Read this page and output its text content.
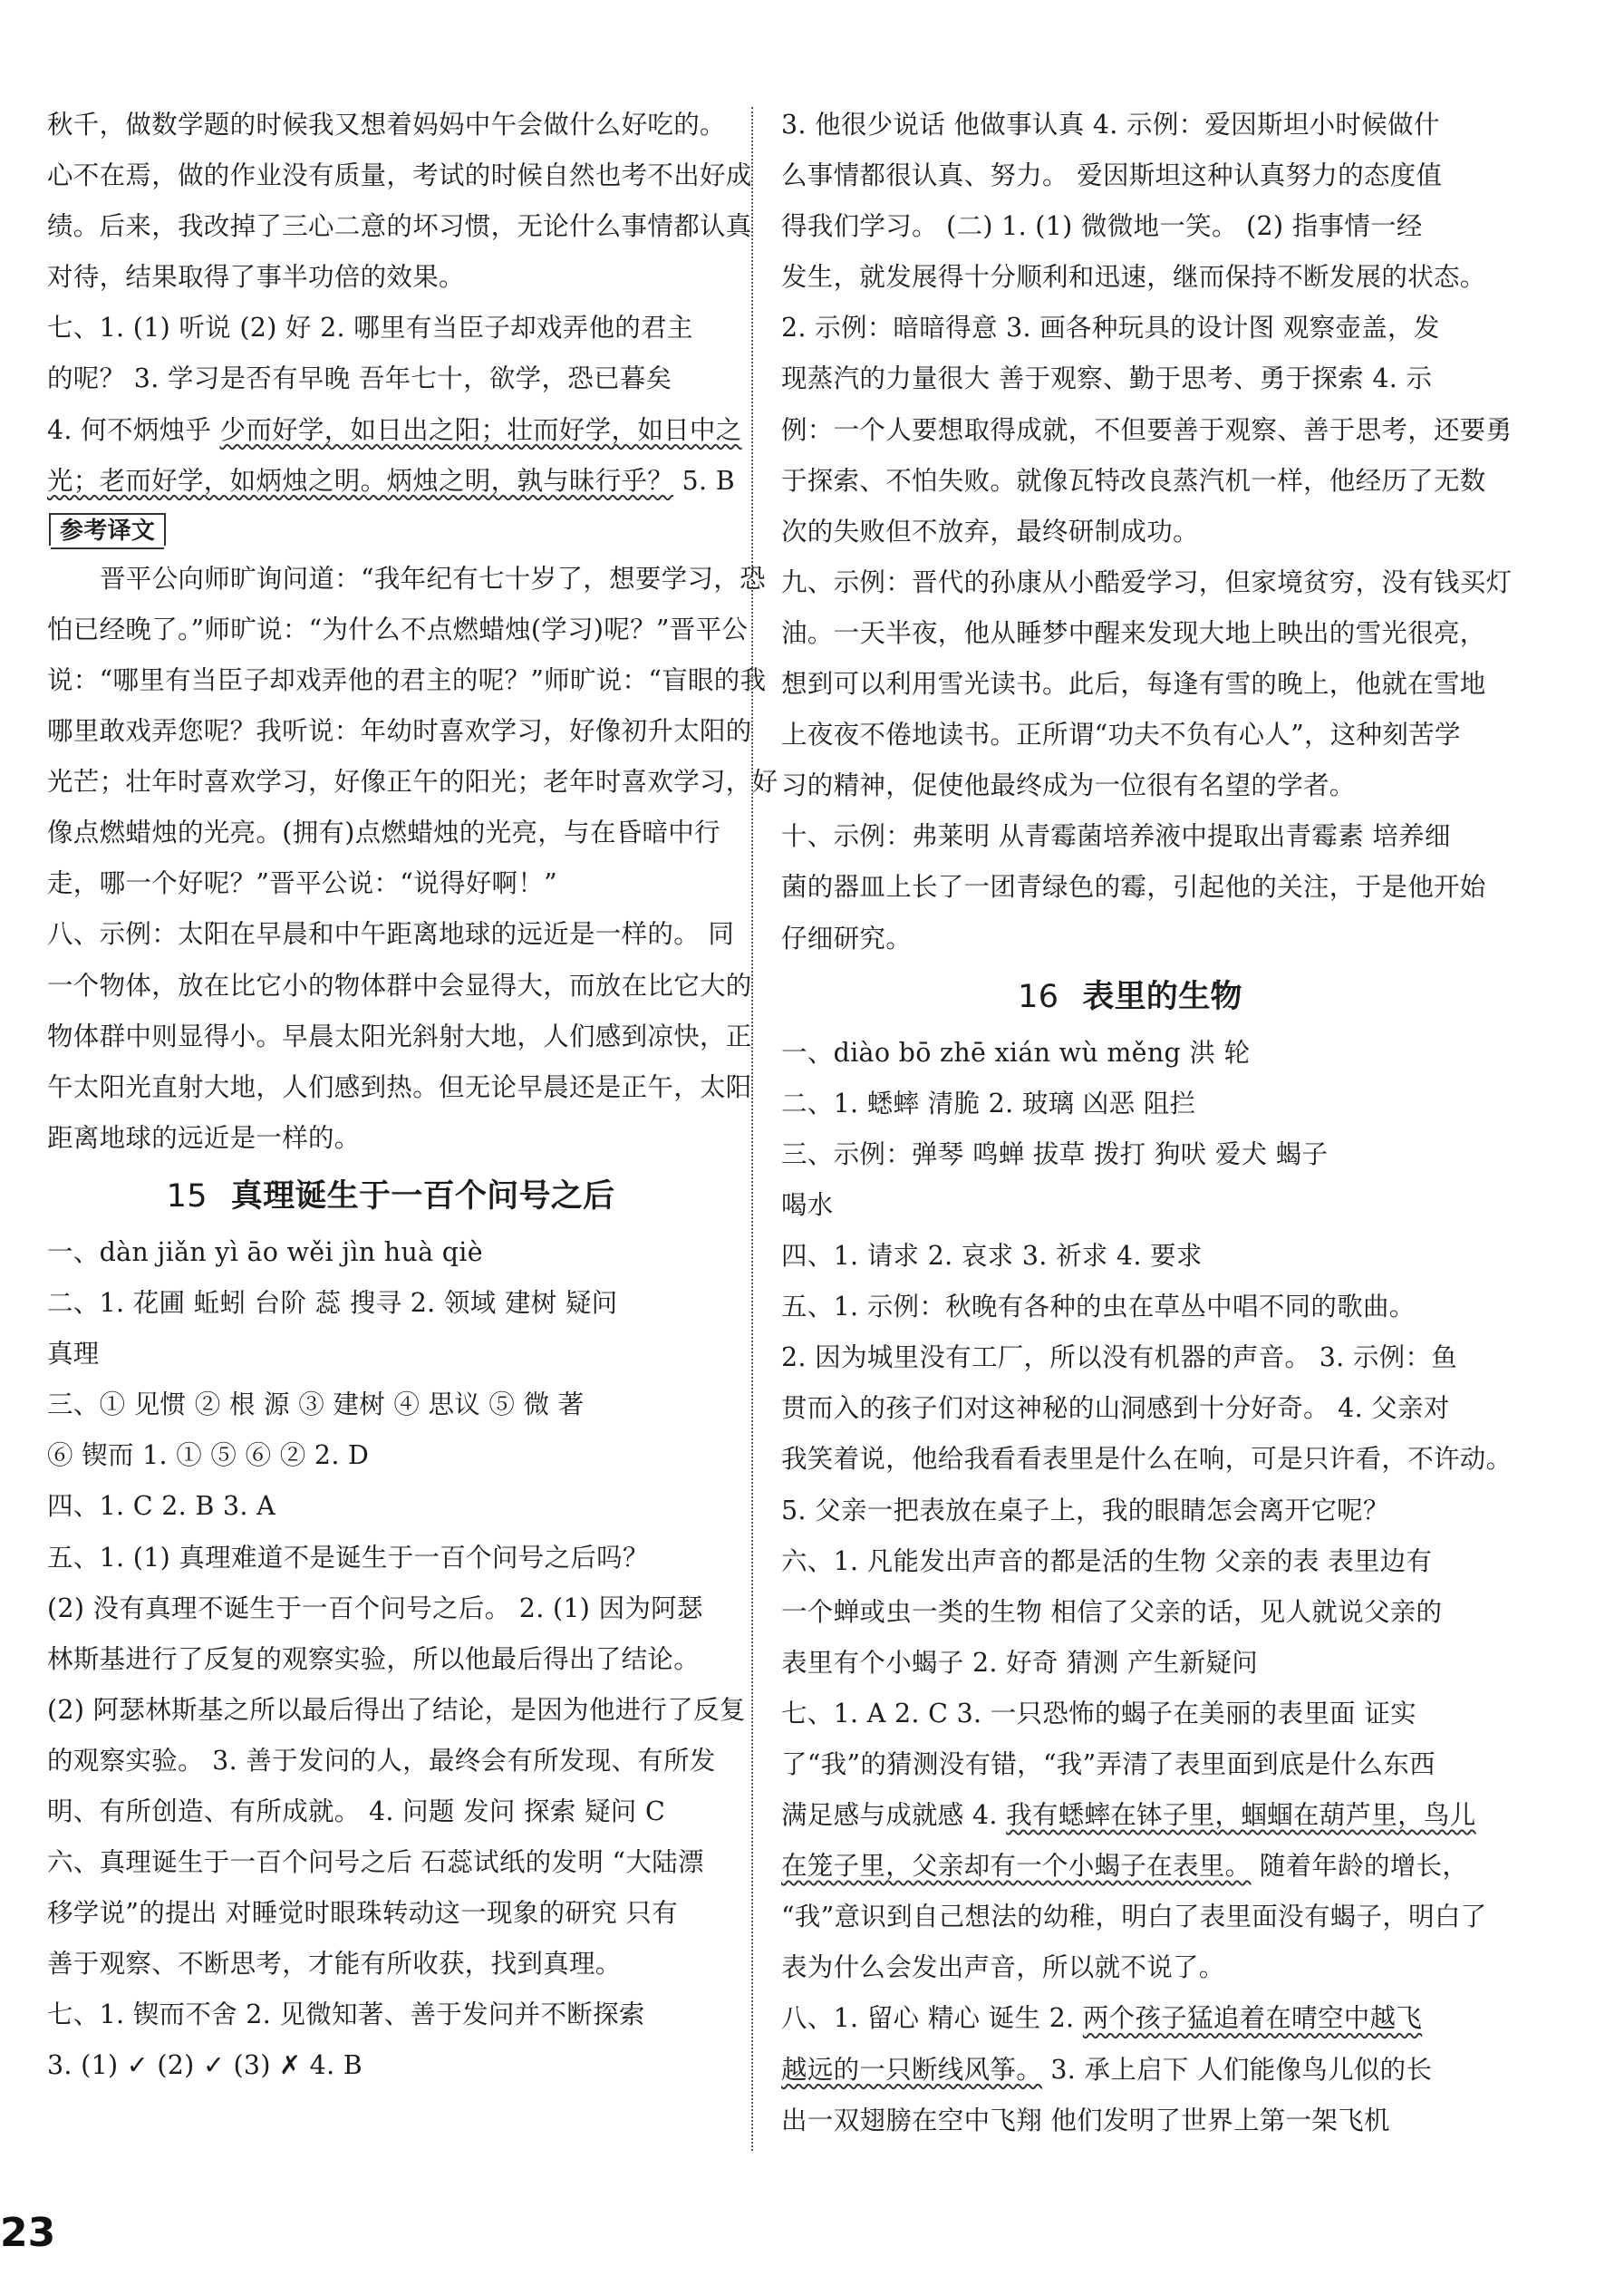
秋千，做数学题的时候我又想着妈妈中午会做什么好吃的。
心不在焉，做的作业没有质量，考试的时候自然也考不出好成
绩。后来，我改掉了三心二意的坏习惯，无论什么事情都认真
对待，结果取得了事半功倍的效果。
七、1. (1) 听说 (2) 好 2. 哪里有当臣子却戏弄他的君主
的呢？ 3. 学习是否有早晚 吾年七十，欲学，恐已暮矣
4. 何不炳烛乎 少而好学，如日出之阳；壮而好学，如日中之
光；老而好学，如炳烛之明。炳烛之明，孰与昧行乎？ 5. B
参考译文
晋平公向师旷询问道：“我年纪有七十岁了，想要学习，恐
怕已经晚了。”师旷说：“为什么不点燃蜡烛(学习)呢？”晋平公
说：“哪里有当臣子却戏弄他的君主的呢？”师旷说：“盲眼的我
哪里敢戏弄您呢？我听说：年幼时喜欢学习，好像初升太阳的
光芒；壮年时喜欢学习，好像正午的阳光；老年时喜欢学习，好
像点燃蜡烛的光亮。(拥有)点燃蜡烛的光亮，与在昏暗中行
走，哪一个好呢？”晋平公说：“说得好啊！”
八、示例：太阳在早晨和中午距离地球的远近是一样的。 同
一个物体，放在比它小的物体群中会显得大，而放在比它大的
物体群中则显得小。早晨太阳光斜射大地，人们感到凉快，正
午太阳光直射大地，人们感到热。但无论早晨还是正午，太阳
距离地球的远近是一样的。
15 真理诞生于一百个问号之后
一、dàn jiǎn yì āo wěi jìn huà qiè
二、1. 花圃 蚯蚓 台阶 蕊 搜寻 2. 领域 建树 疑问
真理
三、① 见惯 ② 根 源 ③ 建树 ④ 思议 ⑤ 微 著
⑥ 锲而 1. ① ⑤ ⑥ ② 2. D
四、1. C 2. B 3. A
五、1. (1) 真理难道不是诞生于一百个问号之后吗？
(2) 没有真理不诞生于一百个问号之后。 2. (1) 因为阿瑟
林斯基进行了反复的观察实验，所以他最后得出了结论。
(2) 阿瑟林斯基之所以最后得出了结论，是因为他进行了反复
的观察实验。 3. 善于发问的人，最终会有所发现、有所发
明、有所创造、有所成就。 4. 问题 发问 探索 疑问 C
六、真理诞生于一百个问号之后 石蕊试纸的发明 “大陆漂
移学说”的提出 对睡觉时眼珠转动这一现象的研究 只有
善于观察、不断思考，才能有所收获，找到真理。
七、1. 锲而不舍 2. 见微知著、善于发问并不断探索
3. (1) ✓ (2) ✓ (3) ✗ 4. B
3. 他很少说话 他做事认真 4. 示例：爱因斯坦小时候做什
么事情都很认真、努力。 爱因斯坦这种认真努力的态度值
得我们学习。 (二) 1. (1) 微微地一笑。 (2) 指事情一经
发生，就发展得十分顺利和迅速，继而保持不断发展的状态。
2. 示例：暗暗得意 3. 画各种玩具的设计图 观察壶盖，发
现蒸汽的力量很大 善于观察、勤于思考、勇于探索 4. 示
例：一个人要想取得成就，不但要善于观察、善于思考，还要勇
于探索、不怕失败。就像瓦特改良蒸汽机一样，他经历了无数
次的失败但不放弃，最终研制成功。
九、示例：晋代的孙康从小酷爱学习，但家境贫穷，没有钱买灯
油。一天半夜，他从睡梦中醒来发现大地上映出的雪光很亮，
想到可以利用雪光读书。此后，每逢有雪的晚上，他就在雪地
上夜夜不倦地读书。正所谓“功夫不负有心人”，这种刻苦学
习的精神，促使他最终成为一位很有名望的学者。
十、示例：弗莱明 从青霉菌培养液中提取出青霉素 培养细
菌的器皿上长了一团青绿色的霉，引起他的关注，于是他开始
仔细研究。
16 表里的生物
一、diào bō zhē xián wù měng 洪 轮
二、1. 蟋蟀 清脆 2. 玻璃 凶恶 阻拦
三、示例：弹琴 鸣蝉 拔草 拨打 狗吠 爱犬 蝎子
喝水
四、1. 请求 2. 哀求 3. 祈求 4. 要求
五、1. 示例：秋晚有各种的虫在草丛中唱不同的歌曲。
2. 因为城里没有工厂，所以没有机器的声音。 3. 示例：鱼
贯而入的孩子们对这神秘的山洞感到十分好奇。 4. 父亲对
我笑着说，他给我看看表里是什么在响，可是只许看，不许动。
5. 父亲一把表放在桌子上，我的眼睛怎会离开它呢？
六、1. 凡能发出声音的都是活的生物 父亲的表 表里边有
一个蝉或虫一类的生物 相信了父亲的话，见人就说父亲的
表里有个小蝎子 2. 好奇 猜测 产生新疑问
七、1. A 2. C 3. 一只恐怖的蝎子在美丽的表里面 证实
了“我”的猜测没有错，“我”弄清了表里面到底是什么东西
满足感与成就感 4. 我有蟋蟀在钵子里，蝈蝈在葫芦里，鸟儿
在笼子里，父亲却有一个小蝎子在表里。 随着年龄的增长，
“我”意识到自己想法的幼稚，明白了表里面没有蝎子，明白了
表为什么会发出声音，所以就不说了。
八、1. 留心 精心 诞生 2. 两个孩子猛追着在晴空中越飞
越远的一只断线风筝。 3. 承上启下 人们能像鸟儿似的长
出一双翅膀在空中飞翔 他们发明了世界上第一架飞机
23
